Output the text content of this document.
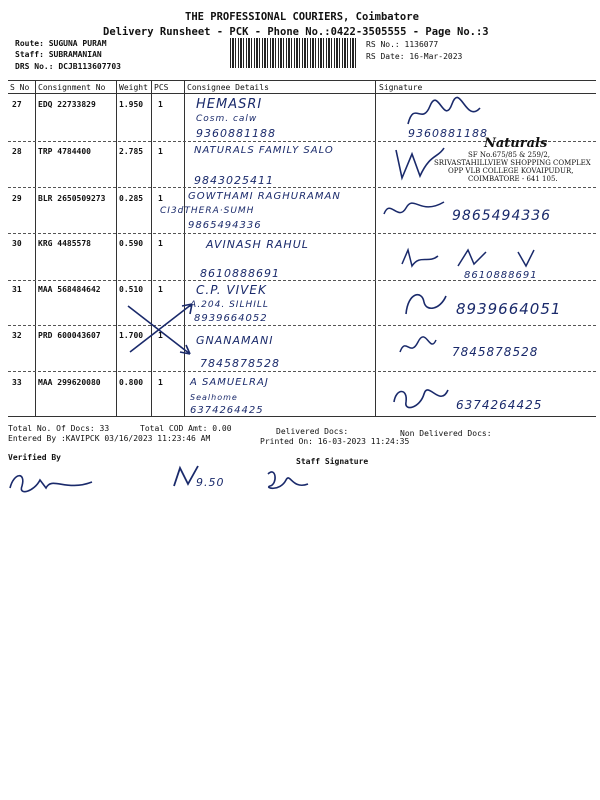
THE PROFESSIONAL COURIERS, Coimbatore
Delivery Runsheet - PCK - Phone No.:0422-3505555 - Page No.:3
Route: SUGUNA PURAM
Staff: SUBRAMANIAN
DRS No.: DCJB113607703
RS No.: 1136077
RS Date: 16-Mar-2023
S No Consignment No Weight PCS Consignee Details	Signature
27 EDQ 22733829	1.950 1	HEMASRI
Cosm. calw
9360881188	9360881188
28 TRP 4784400	2.785 1	NATURALS FAMILY SALO
9843025411
Naturals
SF No.675/85 & 259/2,
SRIVASTAHILLVIEW SHOPPING COMPLEX
OPP VLB COLLEGE KOVAIPUDUR,
COIMBATORE - 641 105.
29 BLR 2650509273 0.285 1	GOWTHAMI RAGHURAMAN
CI3dTHERA·SUMH
9865494336
9865494336
30 KRG 4485578	0.590 1	AVINASH RAHUL
8610888691	8610888691
31 MAA 568484642 0.510 1	C.P. VIVEK
A.204. SILHILL
8939664052
8939664051
32 PRD 600043607 1.700 1	GNANAMANI
7845878528
7845878528
33 MAA 299620080 0.800 1	A SAMUELRAJ
Sealhome
6374264425	6374264425
Total No. Of Docs: 33	Total COD Amt: 0.00	Delivered Docs:	Non Delivered Docs:
Entered By :KAVIPCK 03/16/2023 11:23:46 AM	Printed On: 16-03-2023 11:24:35
Verified By	Staff Signature
9.50
